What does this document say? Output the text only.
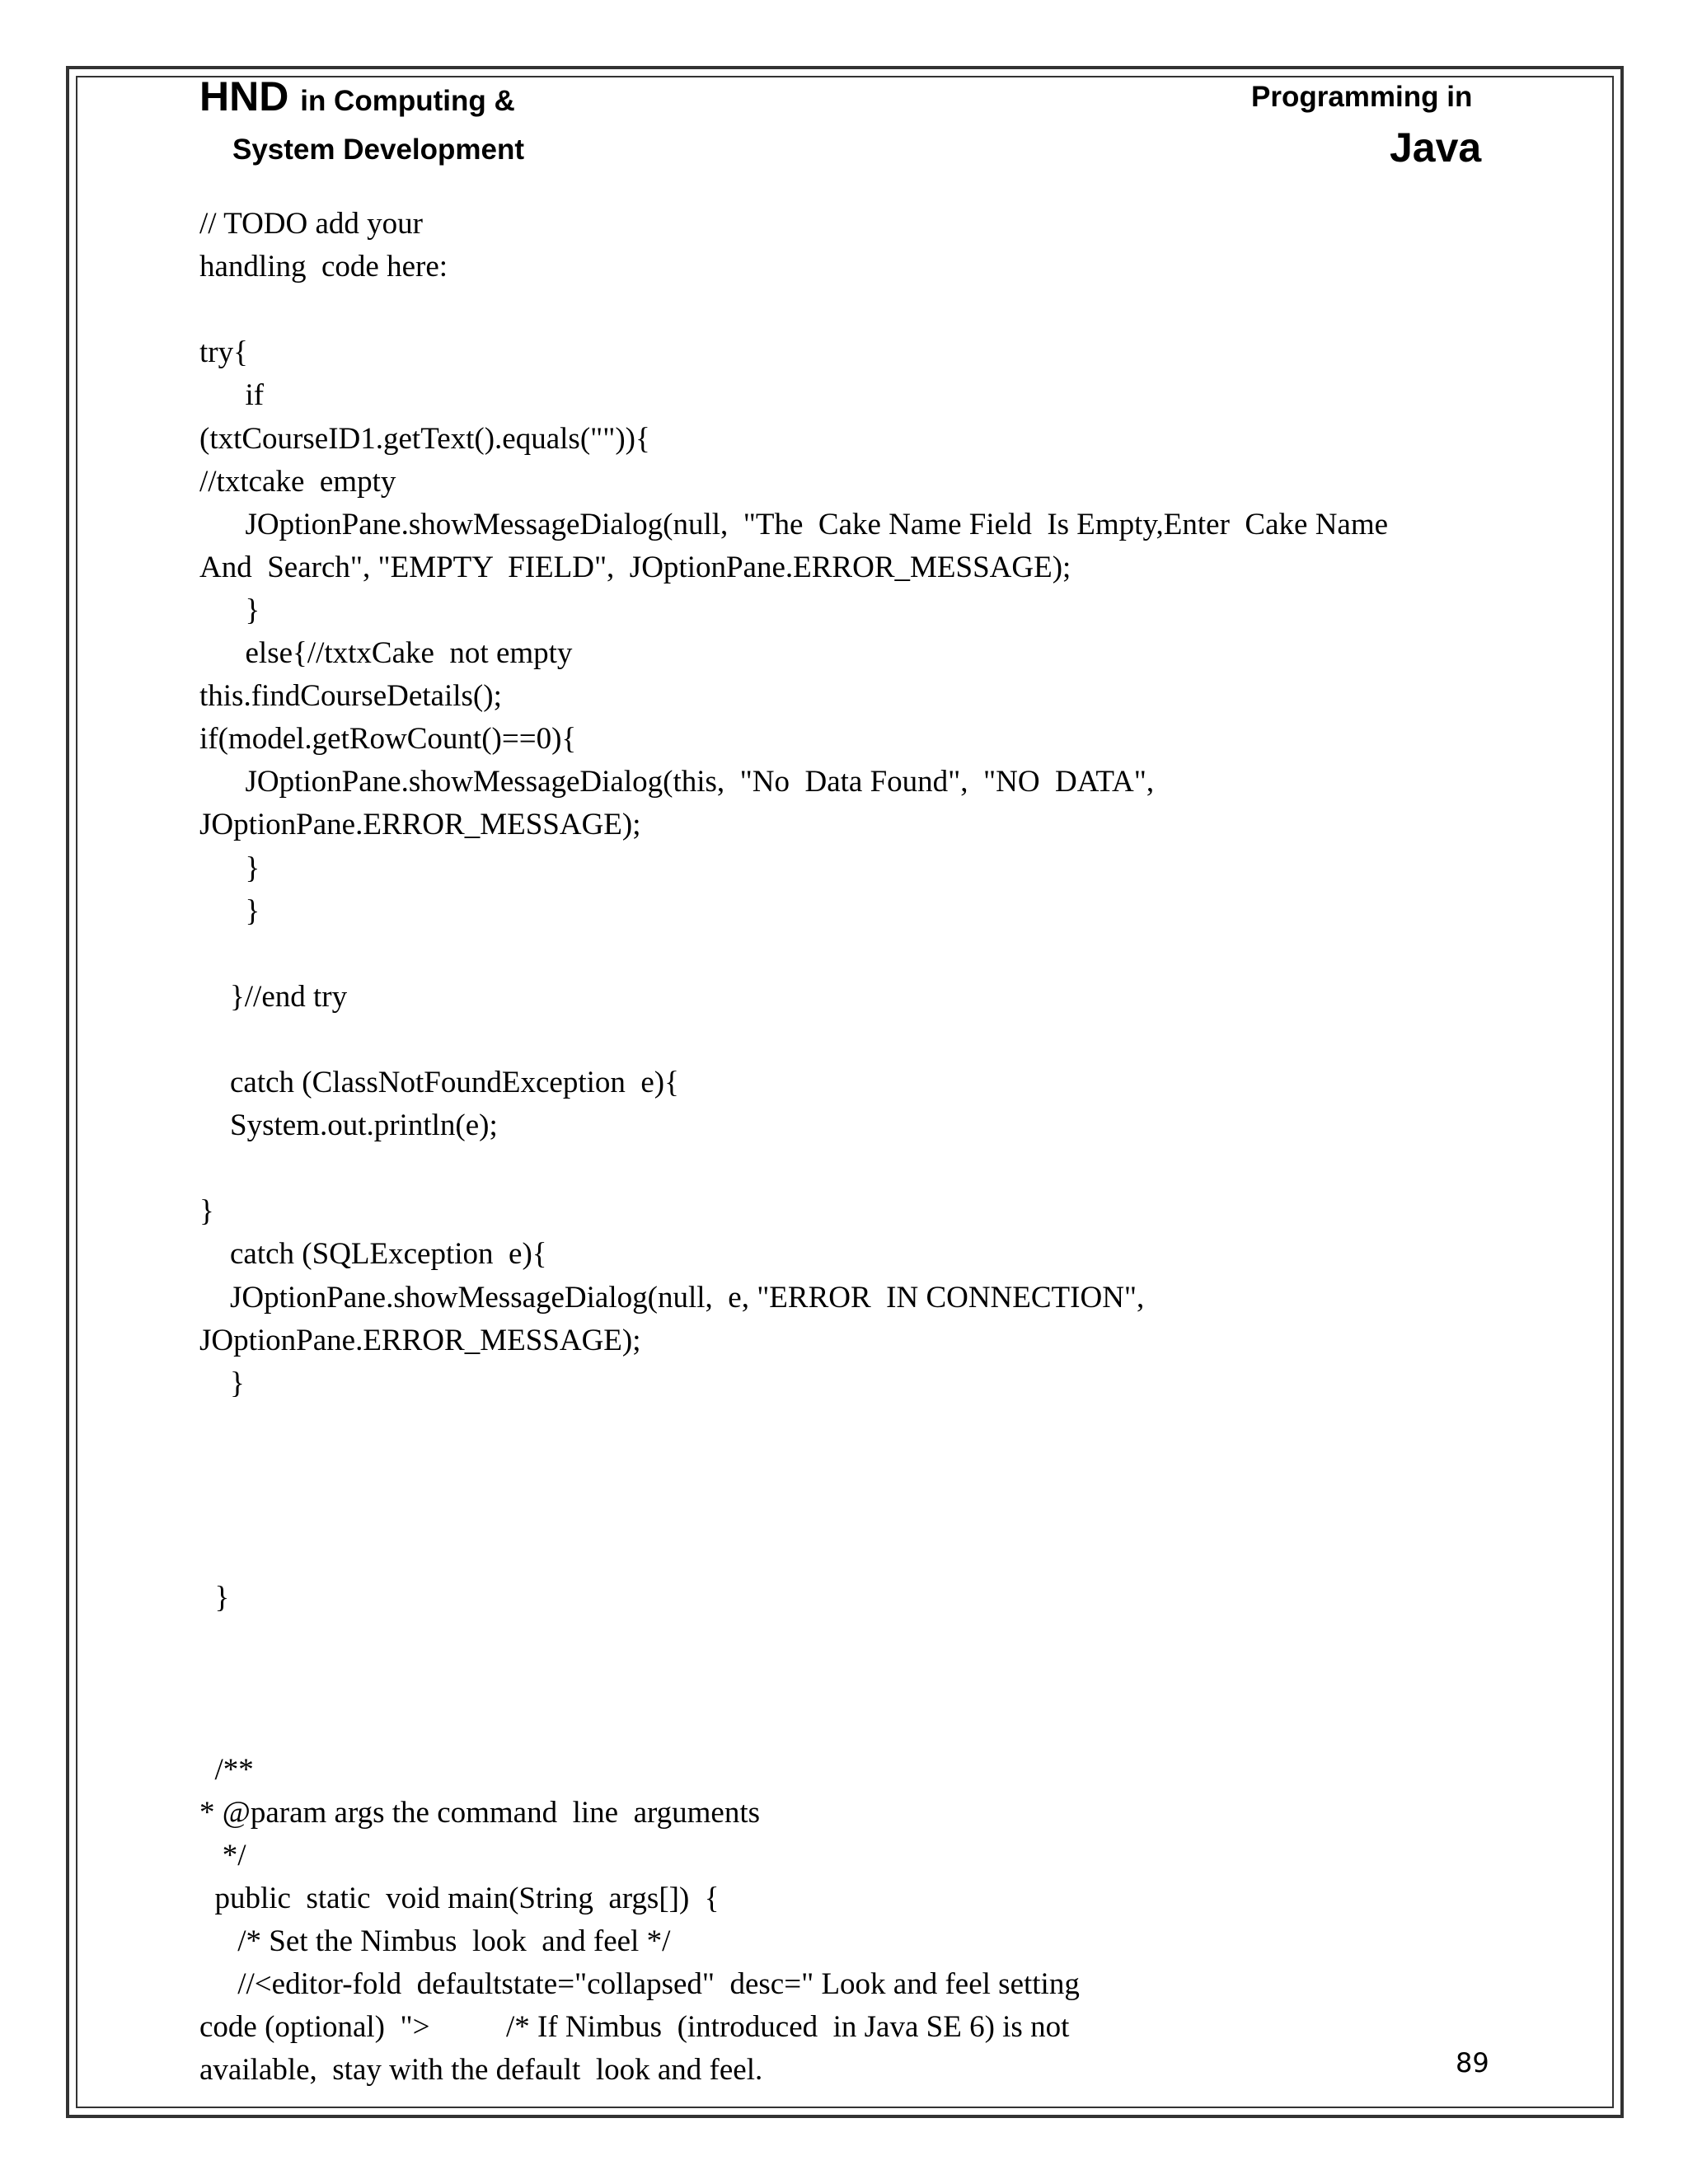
HND in Computing &
System Development
Programming in
Java
// TODO add your
handling  code here:
try{
if
(txtCourseID1.getText().equals("")){
//txtcake  empty
JOptionPane.showMessageDialog(null,  "The  Cake Name Field  Is Empty,Enter  Cake Name
And  Search", "EMPTY  FIELD",  JOptionPane.ERROR_MESSAGE);
}
else{//txtxCake  not empty
this.findCourseDetails();
if(model.getRowCount()==0){
JOptionPane.showMessageDialog(this,  "No  Data Found",  "NO  DATA",
JOptionPane.ERROR_MESSAGE);
}
}
}//end try
catch (ClassNotFoundException  e){
System.out.println(e);
}
catch (SQLException  e){
JOptionPane.showMessageDialog(null,  e, "ERROR  IN CONNECTION",
JOptionPane.ERROR_MESSAGE);
}
}
/**
* @param args the command  line  arguments
*/
public  static  void main(String  args[])  {
/* Set the Nimbus  look  and feel */
//<editor-fold  defaultstate="collapsed"  desc=" Look and feel setting
code (optional)  ">          /* If Nimbus  (introduced  in Java SE 6) is not
available,  stay with the default  look and feel.	89
